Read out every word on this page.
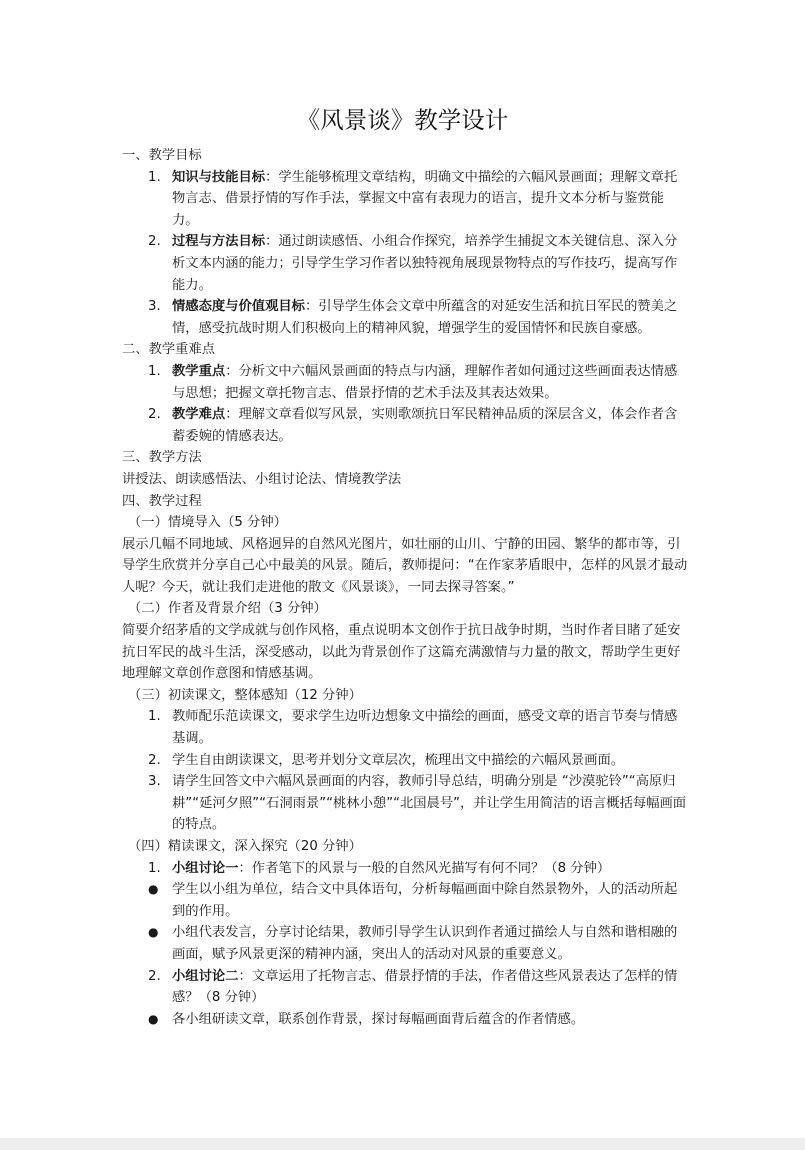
《风景谈》教学设计

一、教学目标

1. 知识与技能目标：学生能够梳理文章结构，明确文中描绘的六幅风景画面；理解文章托物言志、借景抒情的写作手法，掌握文中富有表现力的语言，提升文本分析与鉴赏能力。

2. 过程与方法目标：通过朗读感悟、小组合作探究，培养学生捕捉文本关键信息、深入分析文本内涵的能力；引导学生学习作者以独特视角展现景物特点的写作技巧，提高写作能力。

3. 情感态度与价值观目标：引导学生体会文章中所蕴含的对延安生活和抗日军民的赞美之情，感受抗战时期人们积极向上的精神风貌，增强学生的爱国情怀和民族自豪感。

二、教学重难点

1. 教学重点：分析文中六幅风景画面的特点与内涵，理解作者如何通过这些画面表达情感与思想；把握文章托物言志、借景抒情的艺术手法及其表达效果。

2. 教学难点：理解文章看似写风景，实则歌颂抗日军民精神品质的深层含义，体会作者含蓄委婉的情感表达。

三、教学方法

讲授法、朗读感悟法、小组讨论法、情境教学法

四、教学过程

（一）情境导入（5 分钟）

展示几幅不同地域、风格迥异的自然风光图片，如壮丽的山川、宁静的田园、繁华的都市等，引导学生欣赏并分享自己心中最美的风景。随后，教师提问：“在作家茅盾眼中，怎样的风景才最动人呢？今天，就让我们走进他的散文《风景谈》，一同去探寻答案。”

（二）作者及背景介绍（3 分钟）

简要介绍茅盾的文学成就与创作风格，重点说明本文创作于抗日战争时期，当时作者目睹了延安抗日军民的战斗生活，深受感动，以此为背景创作了这篇充满激情与力量的散文，帮助学生更好地理解文章创作意图和情感基调。

（三）初读课文，整体感知（12 分钟）

1. 教师配乐范读课文，要求学生边听边想象文中描绘的画面，感受文章的语言节奏与情感基调。

2. 学生自由朗读课文，思考并划分文章层次，梳理出文中描绘的六幅风景画面。

3. 请学生回答文中六幅风景画面的内容，教师引导总结，明确分别是 “沙漠驼铃”“高原归耕”“延河夕照”“石洞雨景”“桃林小憩”“北国晨号”，并让学生用简洁的语言概括每幅画面的特点。

（四）精读课文，深入探究（20 分钟）

1. 小组讨论一：作者笔下的风景与一般的自然风光描写有何不同？（8 分钟）

● 学生以小组为单位，结合文中具体语句，分析每幅画面中除自然景物外，人的活动所起到的作用。

● 小组代表发言，分享讨论结果，教师引导学生认识到作者通过描绘人与自然和谐相融的画面，赋予风景更深的精神内涵，突出人的活动对风景的重要意义。

2. 小组讨论二：文章运用了托物言志、借景抒情的手法，作者借这些风景表达了怎样的情感？（8 分钟）

● 各小组研读文章，联系创作背景，探讨每幅画面背后蕴含的作者情感。
